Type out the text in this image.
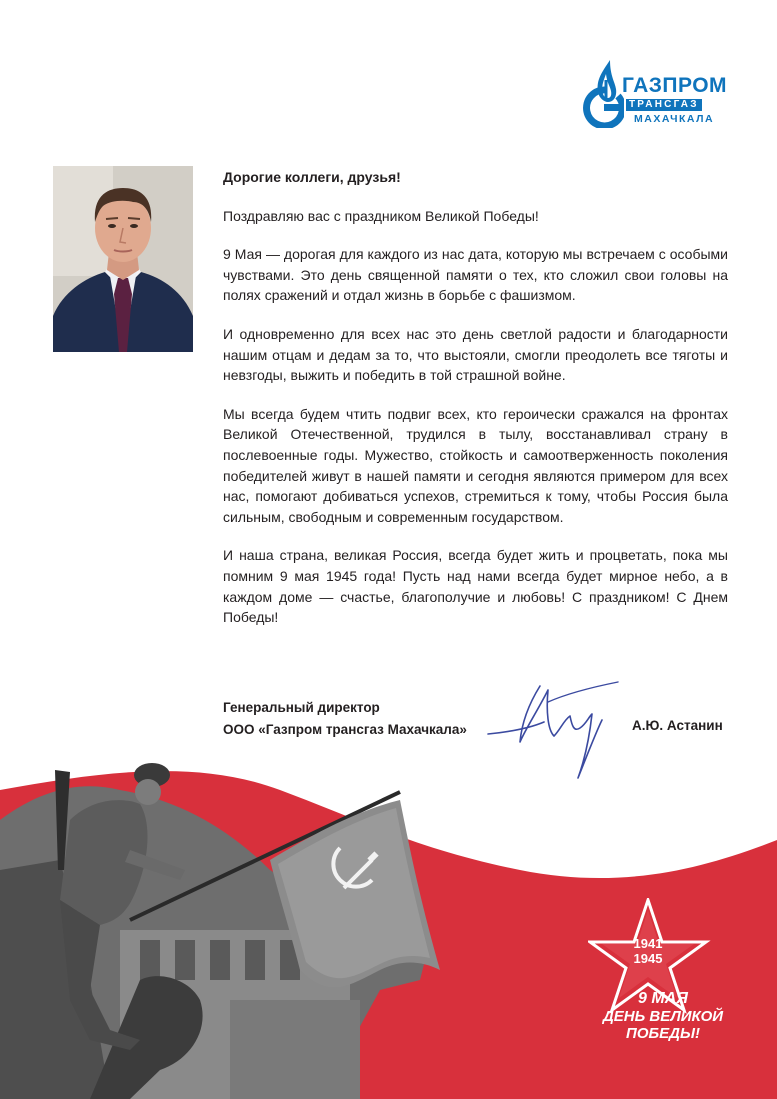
ГАЗПРОМ
ТРАНСГАЗ
МАХАЧКАЛА

Дорогие коллеги, друзья!

Поздравляю вас с праздником Великой Победы!

9 Мая — дорогая для каждого из нас дата, которую мы встречаем с особыми чувствами. Это день священной памяти о тех, кто сложил свои головы на полях сражений и отдал жизнь в борьбе с фашизмом.

И одновременно для всех нас это день светлой радости и благодарности нашим отцам и дедам за то, что выстояли, смогли преодолеть все тяготы и невзгоды, выжить и победить в той страшной войне.

Мы всегда будем чтить подвиг всех, кто героически сражался на фронтах Великой Отечественной, трудился в тылу, восстанавливал страну в послевоенные годы. Мужество, стойкость и самоотверженность поколения победителей живут в нашей памяти и сегодня являются примером для всех нас, помогают добиваться успехов, стремиться к тому, чтобы Россия была сильным, свободным и современным государством.

И наша страна, великая Россия, всегда будет жить и процветать, пока мы помним 9 мая 1945 года! Пусть над нами всегда будет мирное небо, а в каждом доме — счастье, благополучие и любовь! С праздником! С Днем Победы!

Генеральный директор
ООО «Газпром трансгаз Махачкала»	А.Ю. Астанин
1941
1945
9 МАЯ
ДЕНЬ ВЕЛИКОЙ
ПОБЕДЫ!
